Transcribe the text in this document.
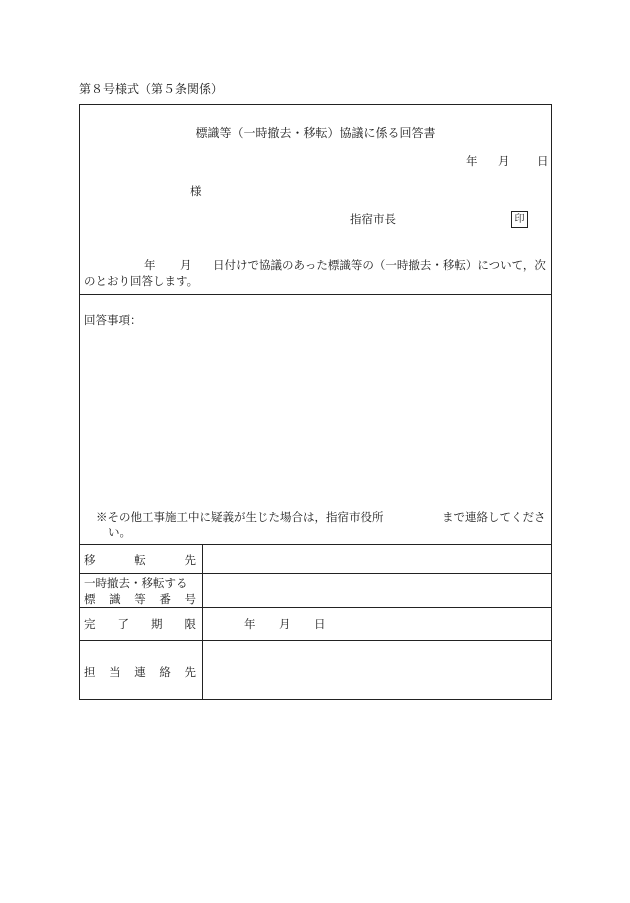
第８号様式（第５条関係）
標識等（一時撤去・移転）協議に係る回答書
年 月 日
様
指宿市長	印
年 月 日付けで協議のあった標識等の（一時撤去・移転）について，次
のとおり回答します。
回答事項：
※その他工事施工中に疑義が生じた場合は，指宿市役所	まで連絡してくださ
い。
移	転	先
一時撤去・移転する
標 識 等 番 号
完 了 期 限	年 月 日
担 当 連 絡 先
